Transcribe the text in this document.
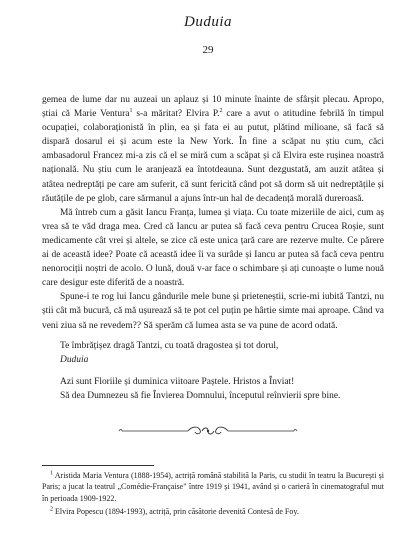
Duduia
29

gemea de lume dar nu auzeai un aplauz și 10 minute înainte de sfârșit plecau. Apropo, știai că Marie Ventura$^1$ s-a măritat? Elvira P.$^2$ care a avut o atitudine febrilă în timpul ocupației, colaboraționistă în plin, ea și fata ei au putut, plătind milioane, să facă să dispară dosarul ei și acum este la New York. În fine a scăpat nu știu cum, căci ambasadorul Francez mi-a zis că el se miră cum a scăpat și că Elvira este rușinea noastră națională. Nu știu cum le aranjează ea întotdeauna. Sunt dezgustată, am auzit atâtea și atâtea nedreptăți pe care am suferit, că sunt fericită când pot să dorm să uit nedreptățile și răutățile de pe glob, care sărmanul a ajuns într-un hal de decadență morală dureroasă.

Mă întreb cum a găsit Iancu Franța, lumea și viața. Cu toate mizeriile de aici, cum aș vrea să te văd draga mea. Cred că Iancu ar putea să facă ceva pentru Crucea Roșie, sunt medicamente cât vrei și altele, se zice că este unica țară care are rezerve multe. Ce părere ai de această idee? Poate că această idee îi va surâde și Iancu ar putea să facă ceva pentru nenorociții noștri de acolo. O lună, două v-ar face o schimbare și ați cunoaște o lume nouă care desigur este diferită de a noastră.

Spune-i te rog lui Iancu gândurile mele bune și prieteneștii, scrie-mi iubită Tantzi, nu știi cât mă bucură, că mă ușurează să te pot cel puțin pe hârtie simte mai aproape. Când va veni ziua să ne revedem?? Să sperăm că lumea asta se va pune de acord odată.

Te îmbrățișez dragă Tantzi, cu toată dragostea și tot dorul,
Duduia
Azi sunt Floriile și duminica viitoare Paștele. Hristos a Înviat!
Să dea Dumnezeu să fie Învierea Domnului, începutul reînvierii spre bine.

$^1$ Aristida Maria Ventura (1888-1954), actriță română stabilită la Paris, cu studii în teatru la București și Paris; a jucat la teatrul „Comédie-Française" între 1919 și 1941, având și o carieră în cinematograful mut în perioada 1909-1922.

$^2$ Elvira Popescu (1894-1993), actriță, prin căsătorie devenită Contesă de Foy.
